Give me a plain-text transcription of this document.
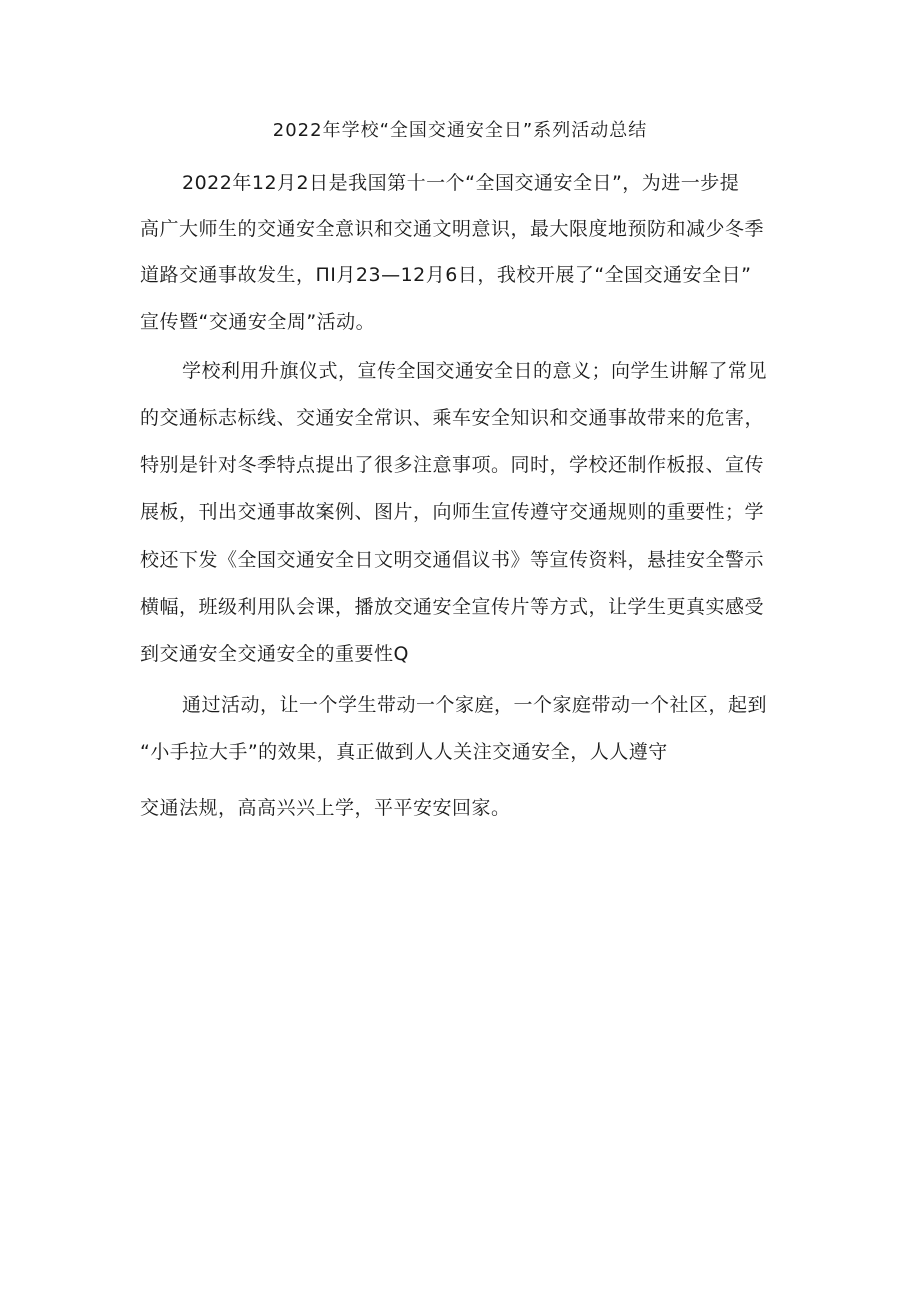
2022年学校“全国交通安全日”系列活动总结
2022年12月2日是我国第十一个“全国交通安全日”，为进一步提
高广大师生的交通安全意识和交通文明意识，最大限度地预防和减少冬季
道路交通事故发生，ΠI月23—12月6日，我校开展了“全国交通安全日”
宣传暨“交通安全周”活动。
学校利用升旗仪式，宣传全国交通安全日的意义；向学生讲解了常见
的交通标志标线、交通安全常识、乘车安全知识和交通事故带来的危害，
特别是针对冬季特点提出了很多注意事项。同时，学校还制作板报、宣传
展板，刊出交通事故案例、图片，向师生宣传遵守交通规则的重要性；学
校还下发《全国交通安全日文明交通倡议书》等宣传资料，悬挂安全警示
横幅，班级利用队会课，播放交通安全宣传片等方式，让学生更真实感受
到交通安全交通安全的重要性Q
通过活动，让一个学生带动一个家庭，一个家庭带动一个社区，起到
“小手拉大手”的效果，真正做到人人关注交通安全，人人遵守
交通法规，高高兴兴上学，平平安安回家。
